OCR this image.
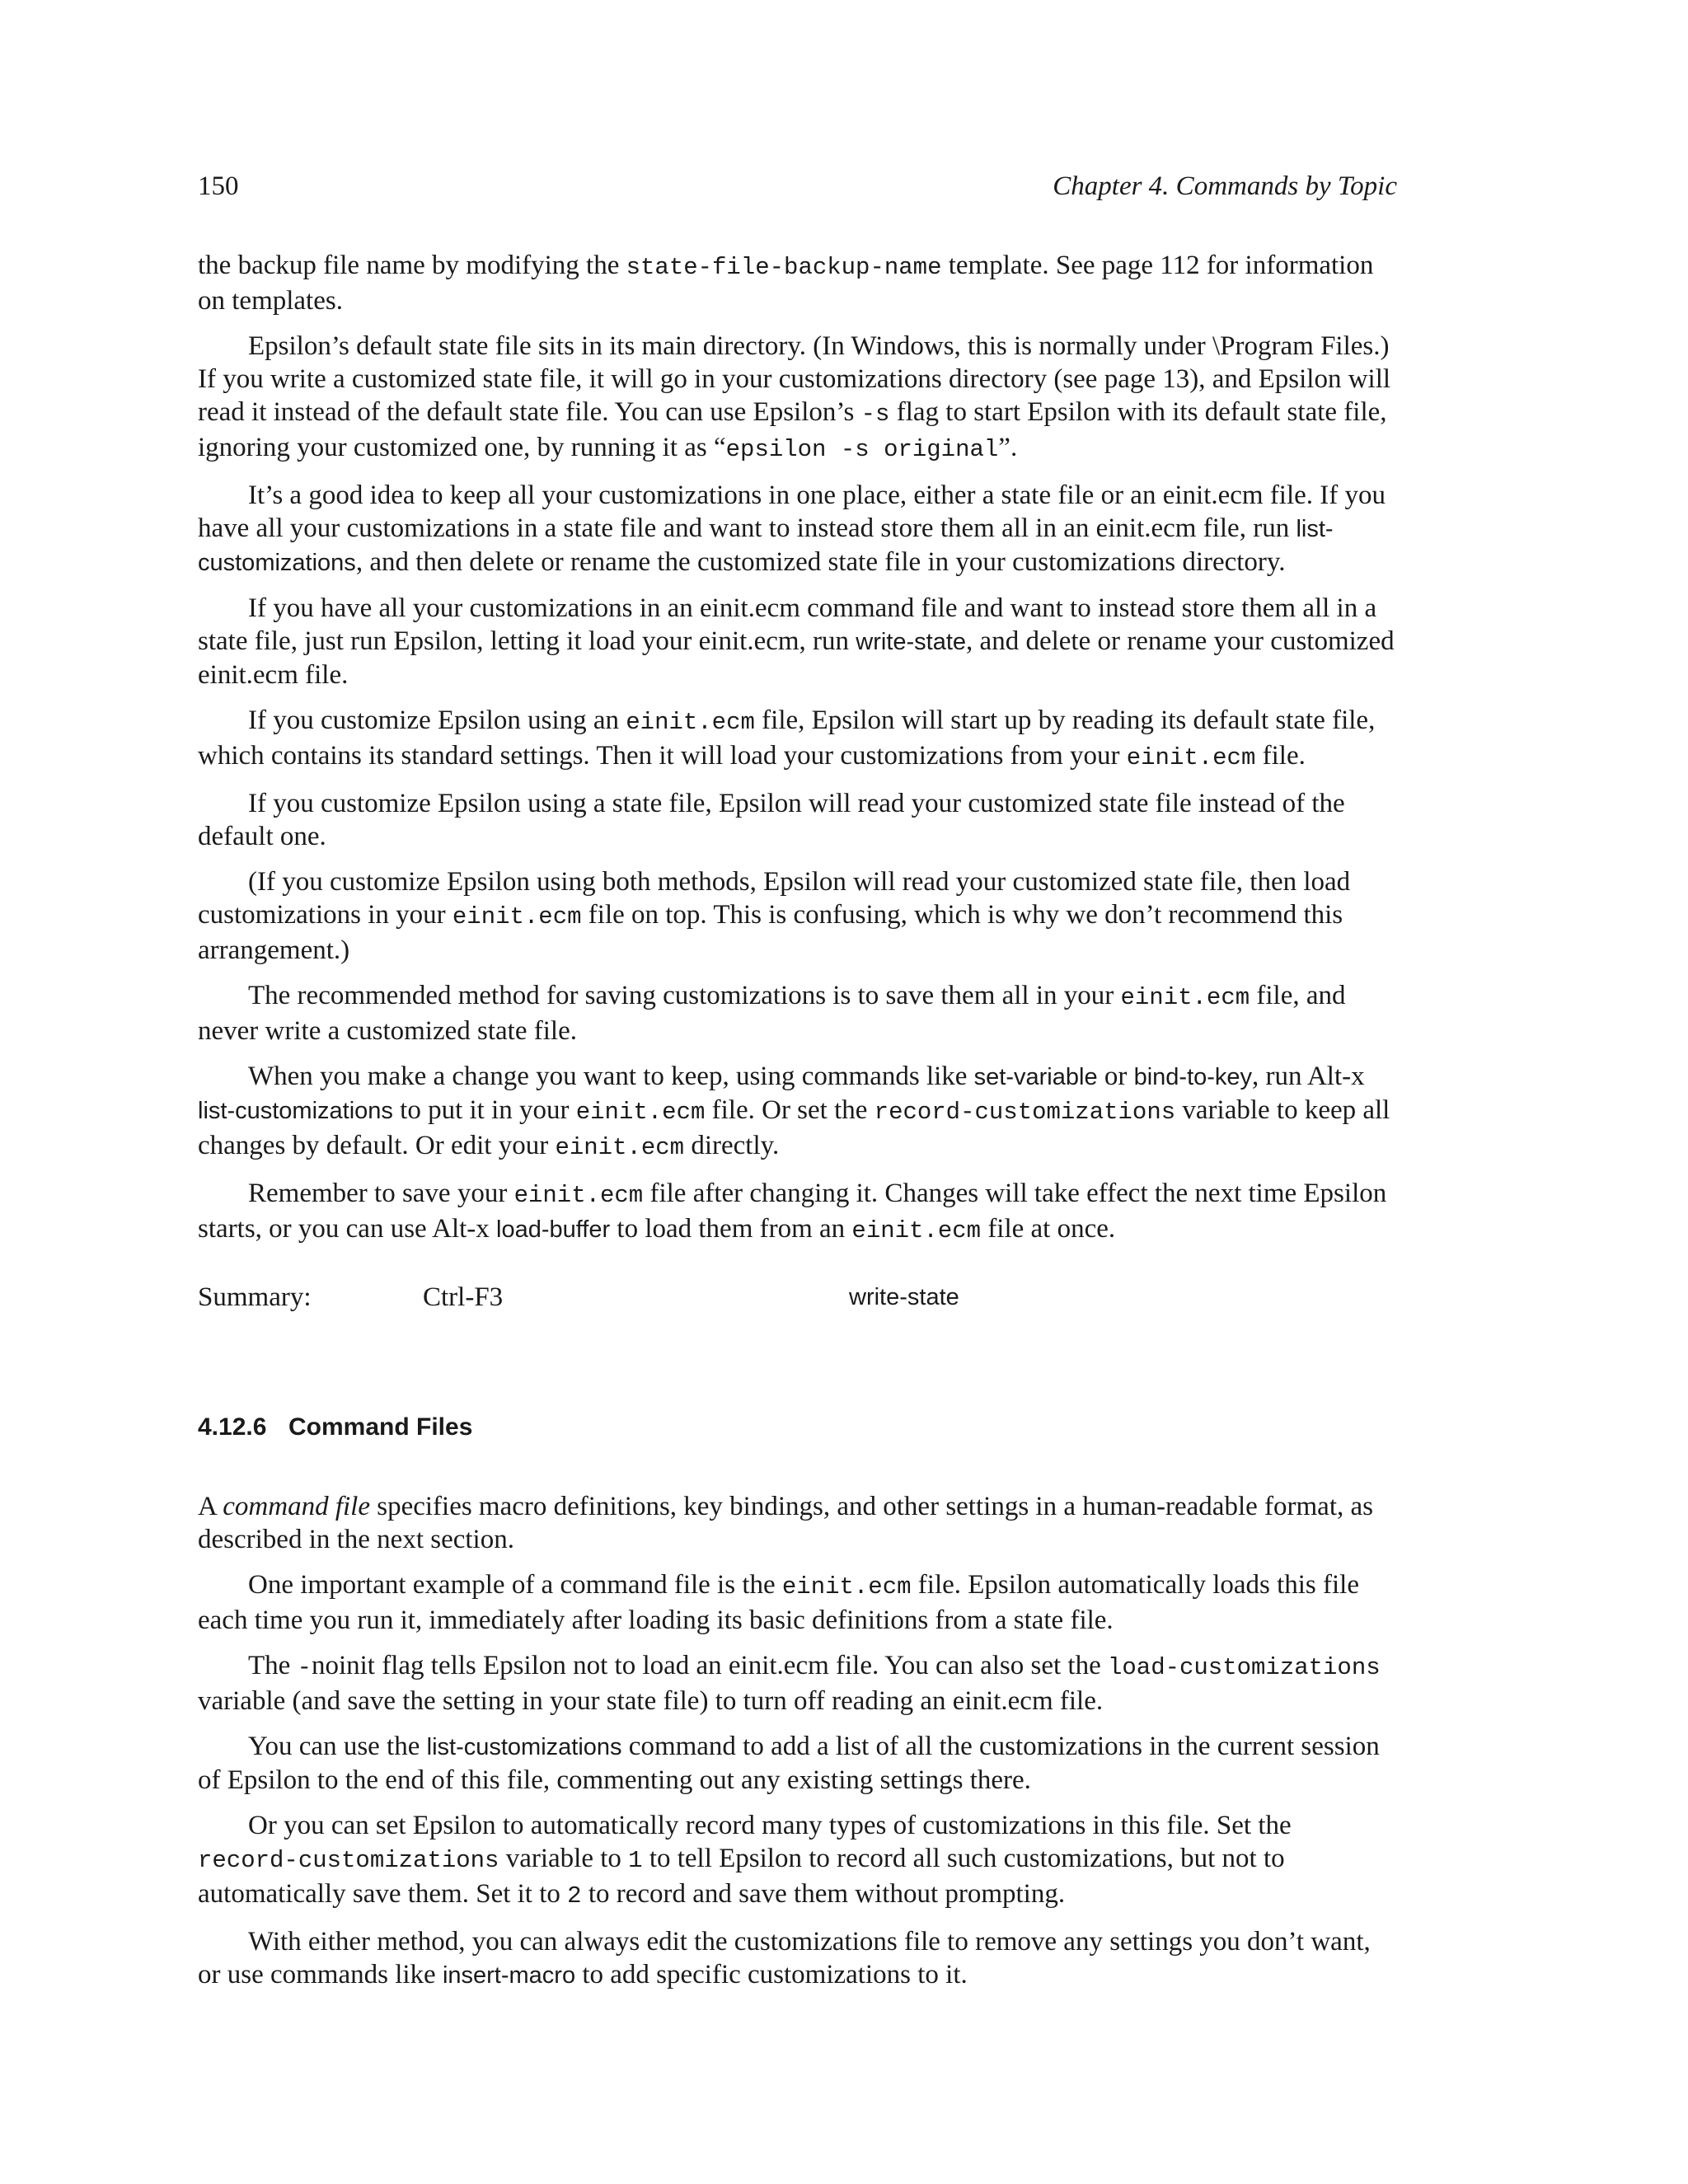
150	Chapter 4. Commands by Topic

the backup file name by modifying the state-file-backup-name template. See page 112 for information on templates.

Epsilon’s default state file sits in its main directory. (In Windows, this is normally under \Program Files.) If you write a customized state file, it will go in your customizations directory (see page 13), and Epsilon will read it instead of the default state file. You can use Epsilon’s -s flag to start Epsilon with its default state file, ignoring your customized one, by running it as “epsilon -s original”.

It’s a good idea to keep all your customizations in one place, either a state file or an einit.ecm file. If you have all your customizations in a state file and want to instead store them all in an einit.ecm file, run list-customizations, and then delete or rename the customized state file in your customizations directory.

If you have all your customizations in an einit.ecm command file and want to instead store them all in a state file, just run Epsilon, letting it load your einit.ecm, run write-state, and delete or rename your customized einit.ecm file.

If you customize Epsilon using an einit.ecm file, Epsilon will start up by reading its default state file, which contains its standard settings. Then it will load your customizations from your einit.ecm file.

If you customize Epsilon using a state file, Epsilon will read your customized state file instead of the default one.

(If you customize Epsilon using both methods, Epsilon will read your customized state file, then load customizations in your einit.ecm file on top. This is confusing, which is why we don’t recommend this arrangement.)

The recommended method for saving customizations is to save them all in your einit.ecm file, and never write a customized state file.

When you make a change you want to keep, using commands like set-variable or bind-to-key, run Alt-x list-customizations to put it in your einit.ecm file. Or set the record-customizations variable to keep all changes by default. Or edit your einit.ecm directly.

Remember to save your einit.ecm file after changing it. Changes will take effect the next time Epsilon starts, or you can use Alt-x load-buffer to load them from an einit.ecm file at once.

Summary:	Ctrl-F3	write-state
4.12.6 Command Files

A command file specifies macro definitions, key bindings, and other settings in a human-readable format, as described in the next section.

One important example of a command file is the einit.ecm file. Epsilon automatically loads this file each time you run it, immediately after loading its basic definitions from a state file.

The -noinit flag tells Epsilon not to load an einit.ecm file. You can also set the load-customizations variable (and save the setting in your state file) to turn off reading an einit.ecm file.

You can use the list-customizations command to add a list of all the customizations in the current session of Epsilon to the end of this file, commenting out any existing settings there.

Or you can set Epsilon to automatically record many types of customizations in this file. Set the record-customizations variable to 1 to tell Epsilon to record all such customizations, but not to automatically save them. Set it to 2 to record and save them without prompting.

With either method, you can always edit the customizations file to remove any settings you don’t want, or use commands like insert-macro to add specific customizations to it.
